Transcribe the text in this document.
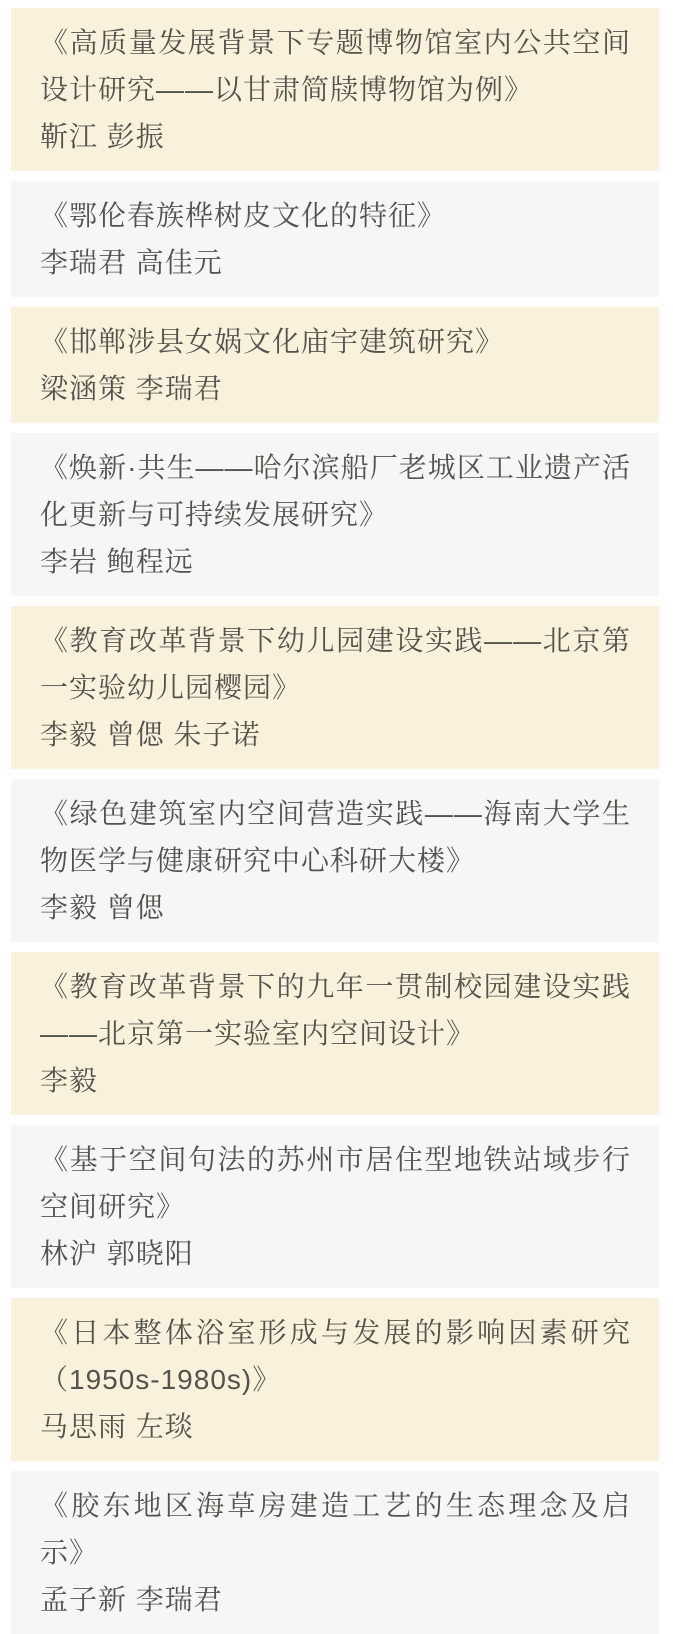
《高质量发展背景下专题博物馆室内公共空间设计研究——以甘肃简牍博物馆为例》

靳江 彭振

《鄂伦春族桦树皮文化的特征》

李瑞君 高佳元

《邯郸涉县女娲文化庙宇建筑研究》

梁涵策 李瑞君

《焕新·共生——哈尔滨船厂老城区工业遗产活化更新与可持续发展研究》

李岩 鲍程远

《教育改革背景下幼儿园建设实践——北京第一实验幼儿园樱园》

李毅 曾偲 朱子诺

《绿色建筑室内空间营造实践——海南大学生物医学与健康研究中心科研大楼》

李毅 曾偲

《教育改革背景下的九年一贯制校园建设实践——北京第一实验室内空间设计》

李毅

《基于空间句法的苏州市居住型地铁站域步行空间研究》

林沪 郭晓阳

《日本整体浴室形成与发展的影响因素研究（1950s-1980s)》

马思雨 左琰

《胶东地区海草房建造工艺的生态理念及启示》

孟子新 李瑞君
